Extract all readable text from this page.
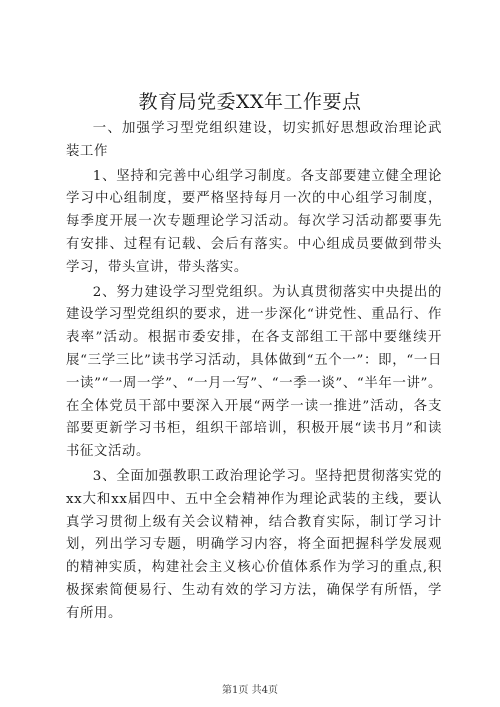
教育局党委XX年工作要点

一、加强学习型党组织建设，切实抓好思想政治理论武装工作

1、坚持和完善中心组学习制度。各支部要建立健全理论学习中心组制度，要严格坚持每月一次的中心组学习制度，每季度开展一次专题理论学习活动。每次学习活动都要事先有安排、过程有记载、会后有落实。中心组成员要做到带头学习，带头宣讲，带头落实。

2、努力建设学习型党组织。为认真贯彻落实中央提出的建设学习型党组织的要求，进一步深化“讲党性、重品行、作表率”活动。根据市委安排，在各支部组工干部中要继续开展“三学三比”读书学习活动，具体做到“五个一”：即，“一日一读”“一周一学”、“一月一写”、“一季一谈”、“半年一讲”。在全体党员干部中要深入开展“两学一读一推进”活动，各支部要更新学习书柜，组织干部培训，积极开展“读书月”和读书征文活动。

3、全面加强教职工政治理论学习。坚持把贯彻落实党的xx大和xx届四中、五中全会精神作为理论武装的主线，要认真学习贯彻上级有关会议精神，结合教育实际，制订学习计划，列出学习专题，明确学习内容，将全面把握科学发展观的精神实质，构建社会主义核心价值体系作为学习的重点,积极探索简便易行、生动有效的学习方法，确保学有所悟，学有所用。

第1页 共4页
